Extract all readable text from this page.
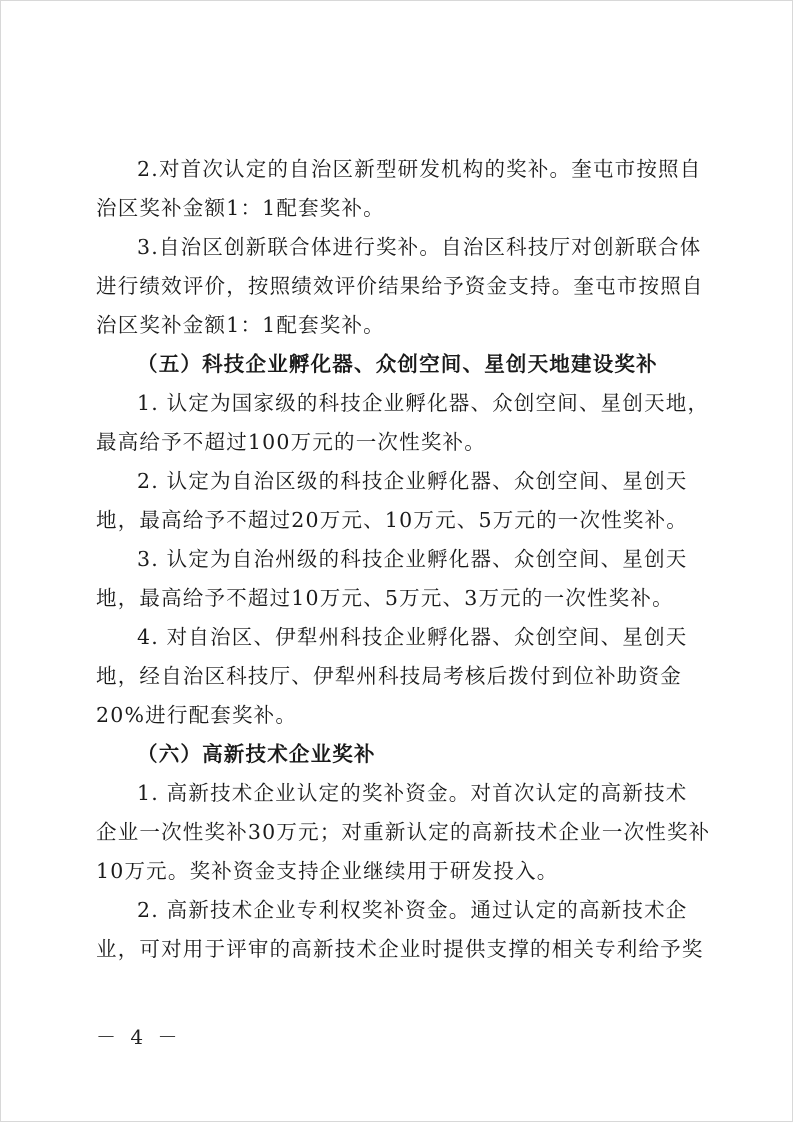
2.对首次认定的自治区新型研发机构的奖补。奎屯市按照自
治区奖补金额1：1配套奖补。

3.自治区创新联合体进行奖补。自治区科技厅对创新联合体
进行绩效评价，按照绩效评价结果给予资金支持。奎屯市按照自
治区奖补金额1：1配套奖补。

（五）科技企业孵化器、众创空间、星创天地建设奖补

1. 认定为国家级的科技企业孵化器、众创空间、星创天地，
最高给予不超过100万元的一次性奖补。

2. 认定为自治区级的科技企业孵化器、众创空间、星创天
地，最高给予不超过20万元、10万元、5万元的一次性奖补。

3. 认定为自治州级的科技企业孵化器、众创空间、星创天
地，最高给予不超过10万元、5万元、3万元的一次性奖补。

4. 对自治区、伊犁州科技企业孵化器、众创空间、星创天
地，经自治区科技厅、伊犁州科技局考核后拨付到位补助资金
20%进行配套奖补。

（六）高新技术企业奖补

1. 高新技术企业认定的奖补资金。对首次认定的高新技术
企业一次性奖补30万元；对重新认定的高新技术企业一次性奖补
10万元。奖补资金支持企业继续用于研发投入。

2. 高新技术企业专利权奖补资金。通过认定的高新技术企
业，可对用于评审的高新技术企业时提供支撑的相关专利给予奖

－ 4 －
